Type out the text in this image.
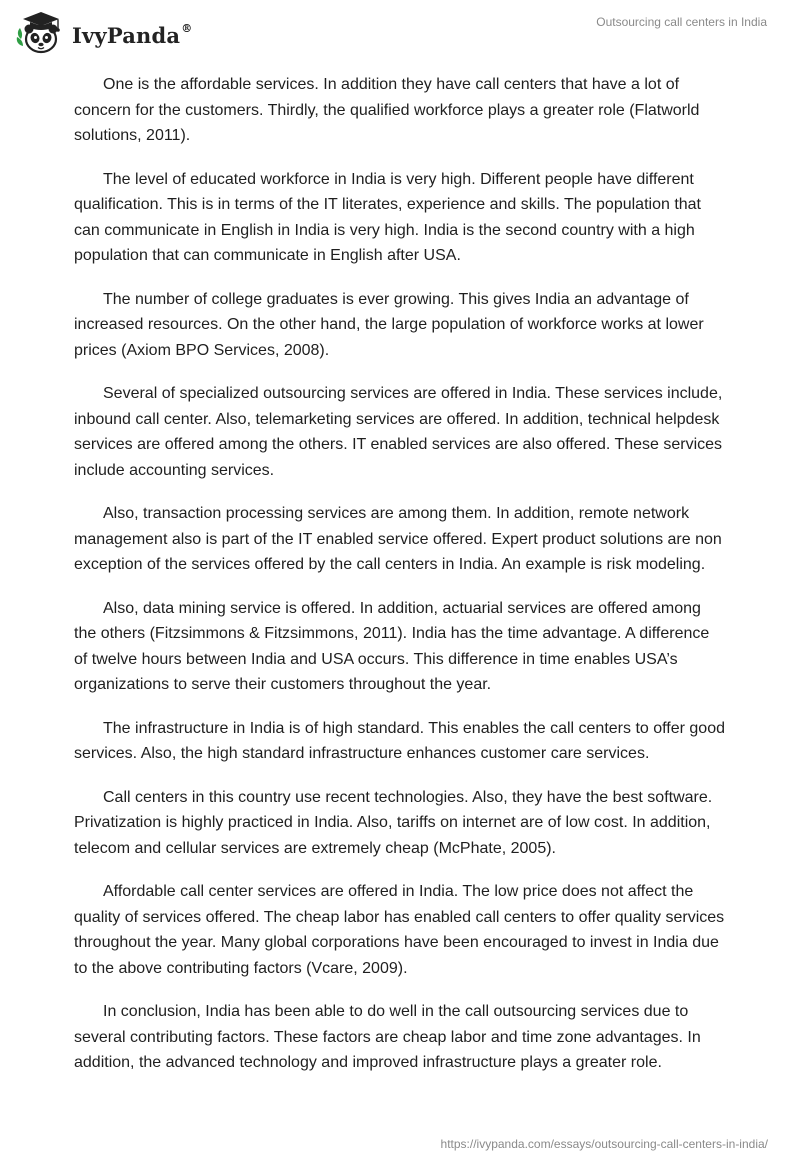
IvyPanda®	Outsourcing call centers in India

One is the affordable services. In addition they have call centers that have a lot of concern for the customers. Thirdly, the qualified workforce plays a greater role (Flatworld solutions, 2011).

The level of educated workforce in India is very high. Different people have different qualification. This is in terms of the IT literates, experience and skills. The population that can communicate in English in India is very high. India is the second country with a high population that can communicate in English after USA.

The number of college graduates is ever growing. This gives India an advantage of increased resources. On the other hand, the large population of workforce works at lower prices (Axiom BPO Services, 2008).

Several of specialized outsourcing services are offered in India. These services include, inbound call center. Also, telemarketing services are offered. In addition, technical helpdesk services are offered among the others. IT enabled services are also offered. These services include accounting services.

Also, transaction processing services are among them. In addition, remote network management also is part of the IT enabled service offered. Expert product solutions are non exception of the services offered by the call centers in India. An example is risk modeling.

Also, data mining service is offered. In addition, actuarial services are offered among the others (Fitzsimmons & Fitzsimmons, 2011). India has the time advantage. A difference of twelve hours between India and USA occurs. This difference in time enables USA’s organizations to serve their customers throughout the year.

The infrastructure in India is of high standard. This enables the call centers to offer good services. Also, the high standard infrastructure enhances customer care services.

Call centers in this country use recent technologies. Also, they have the best software. Privatization is highly practiced in India. Also, tariffs on internet are of low cost. In addition, telecom and cellular services are extremely cheap (McPhate, 2005).

Affordable call center services are offered in India. The low price does not affect the quality of services offered. The cheap labor has enabled call centers to offer quality services throughout the year. Many global corporations have been encouraged to invest in India due to the above contributing factors (Vcare, 2009).

In conclusion, India has been able to do well in the call outsourcing services due to several contributing factors. These factors are cheap labor and time zone advantages. In addition, the advanced technology and improved infrastructure plays a greater role.

https://ivypanda.com/essays/outsourcing-call-centers-in-india/
